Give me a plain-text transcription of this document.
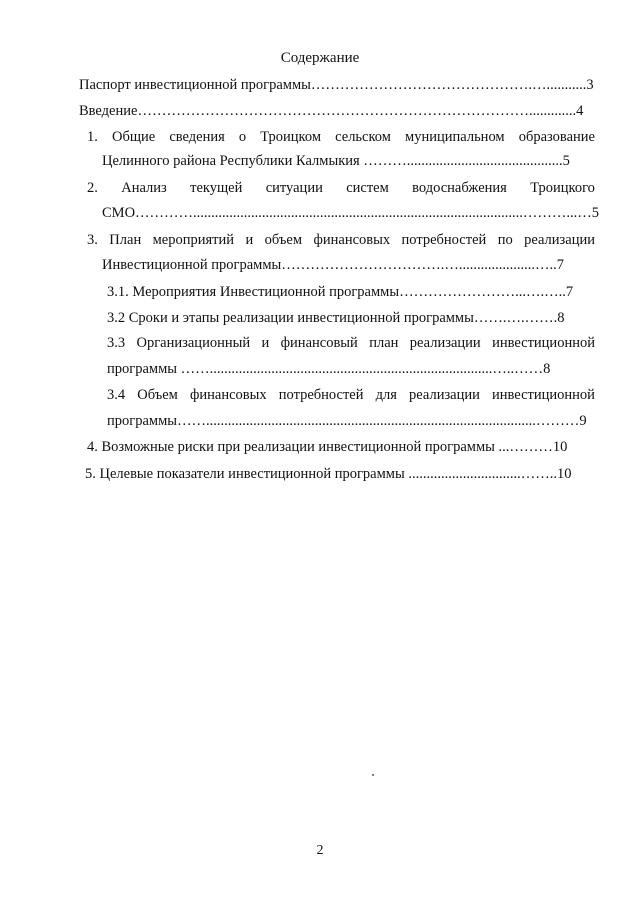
Содержание
Паспорт инвестиционной программы……………………………………….…...........3
Введение……………………………………………………………………….............4
1. Общие сведения о Троицком сельском муниципальном образование
Целинного района Республики Калмыкия ………...........................................5
2. Анализ текущей ситуации систем водоснабжения Троицкого
СМО…………...........................................................................................………...…5
3. План мероприятий и объем финансовых потребностей по реализации
Инвестиционной программы…………………………….….....................…..7
3.1. Мероприятия Инвестиционной программы……………………...….…..7
3.2 Сроки и этапы реализации инвестиционной программы…….….…….8
3.3 Организационный и финансовый план реализации инвестиционной
программы ……..............................................................................…..……8
3.4 Объем финансовых потребностей для реализации инвестиционной
программы……...........................................................................................………9
4. Возможные риски при реализации инвестиционной программы ...………10
5. Целевые показатели инвестиционной программы ...............................……..10
2
